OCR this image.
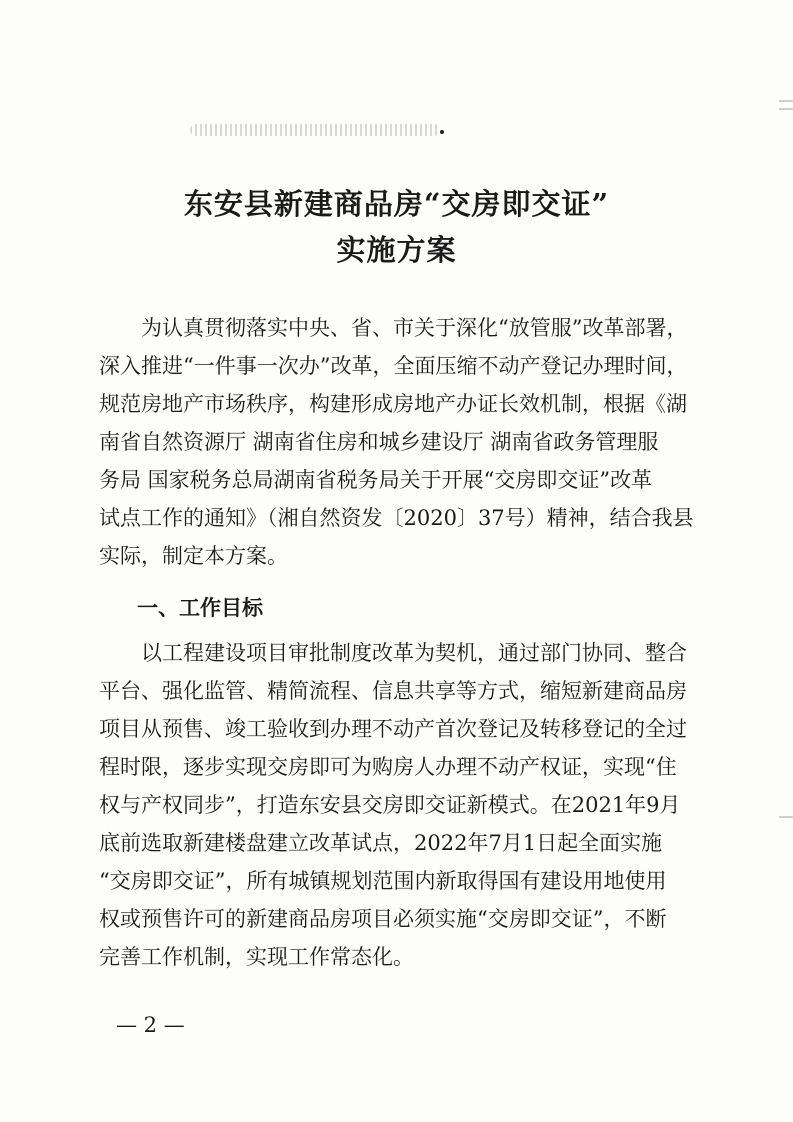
东安县新建商品房“交房即交证”
实施方案

为认真贯彻落实中央、省、市关于深化“放管服”改革部署，
深入推进“一件事一次办”改革，全面压缩不动产登记办理时间，
规范房地产市场秩序，构建形成房地产办证长效机制，根据《湖
南省自然资源厅 湖南省住房和城乡建设厅 湖南省政务管理服
务局 国家税务总局湖南省税务局关于开展“交房即交证”改革
试点工作的通知》（湘自然资发〔2020〕37号）精神，结合我县
实际，制定本方案。

一、工作目标

以工程建设项目审批制度改革为契机，通过部门协同、整合
平台、强化监管、精简流程、信息共享等方式，缩短新建商品房
项目从预售、竣工验收到办理不动产首次登记及转移登记的全过
程时限，逐步实现交房即可为购房人办理不动产权证，实现“住
权与产权同步”，打造东安县交房即交证新模式。在2021年9月
底前选取新建楼盘建立改革试点，2022年7月1日起全面实施
“交房即交证”，所有城镇规划范围内新取得国有建设用地使用
权或预售许可的新建商品房项目必须实施“交房即交证”，不断
完善工作机制，实现工作常态化。

— 2 —
